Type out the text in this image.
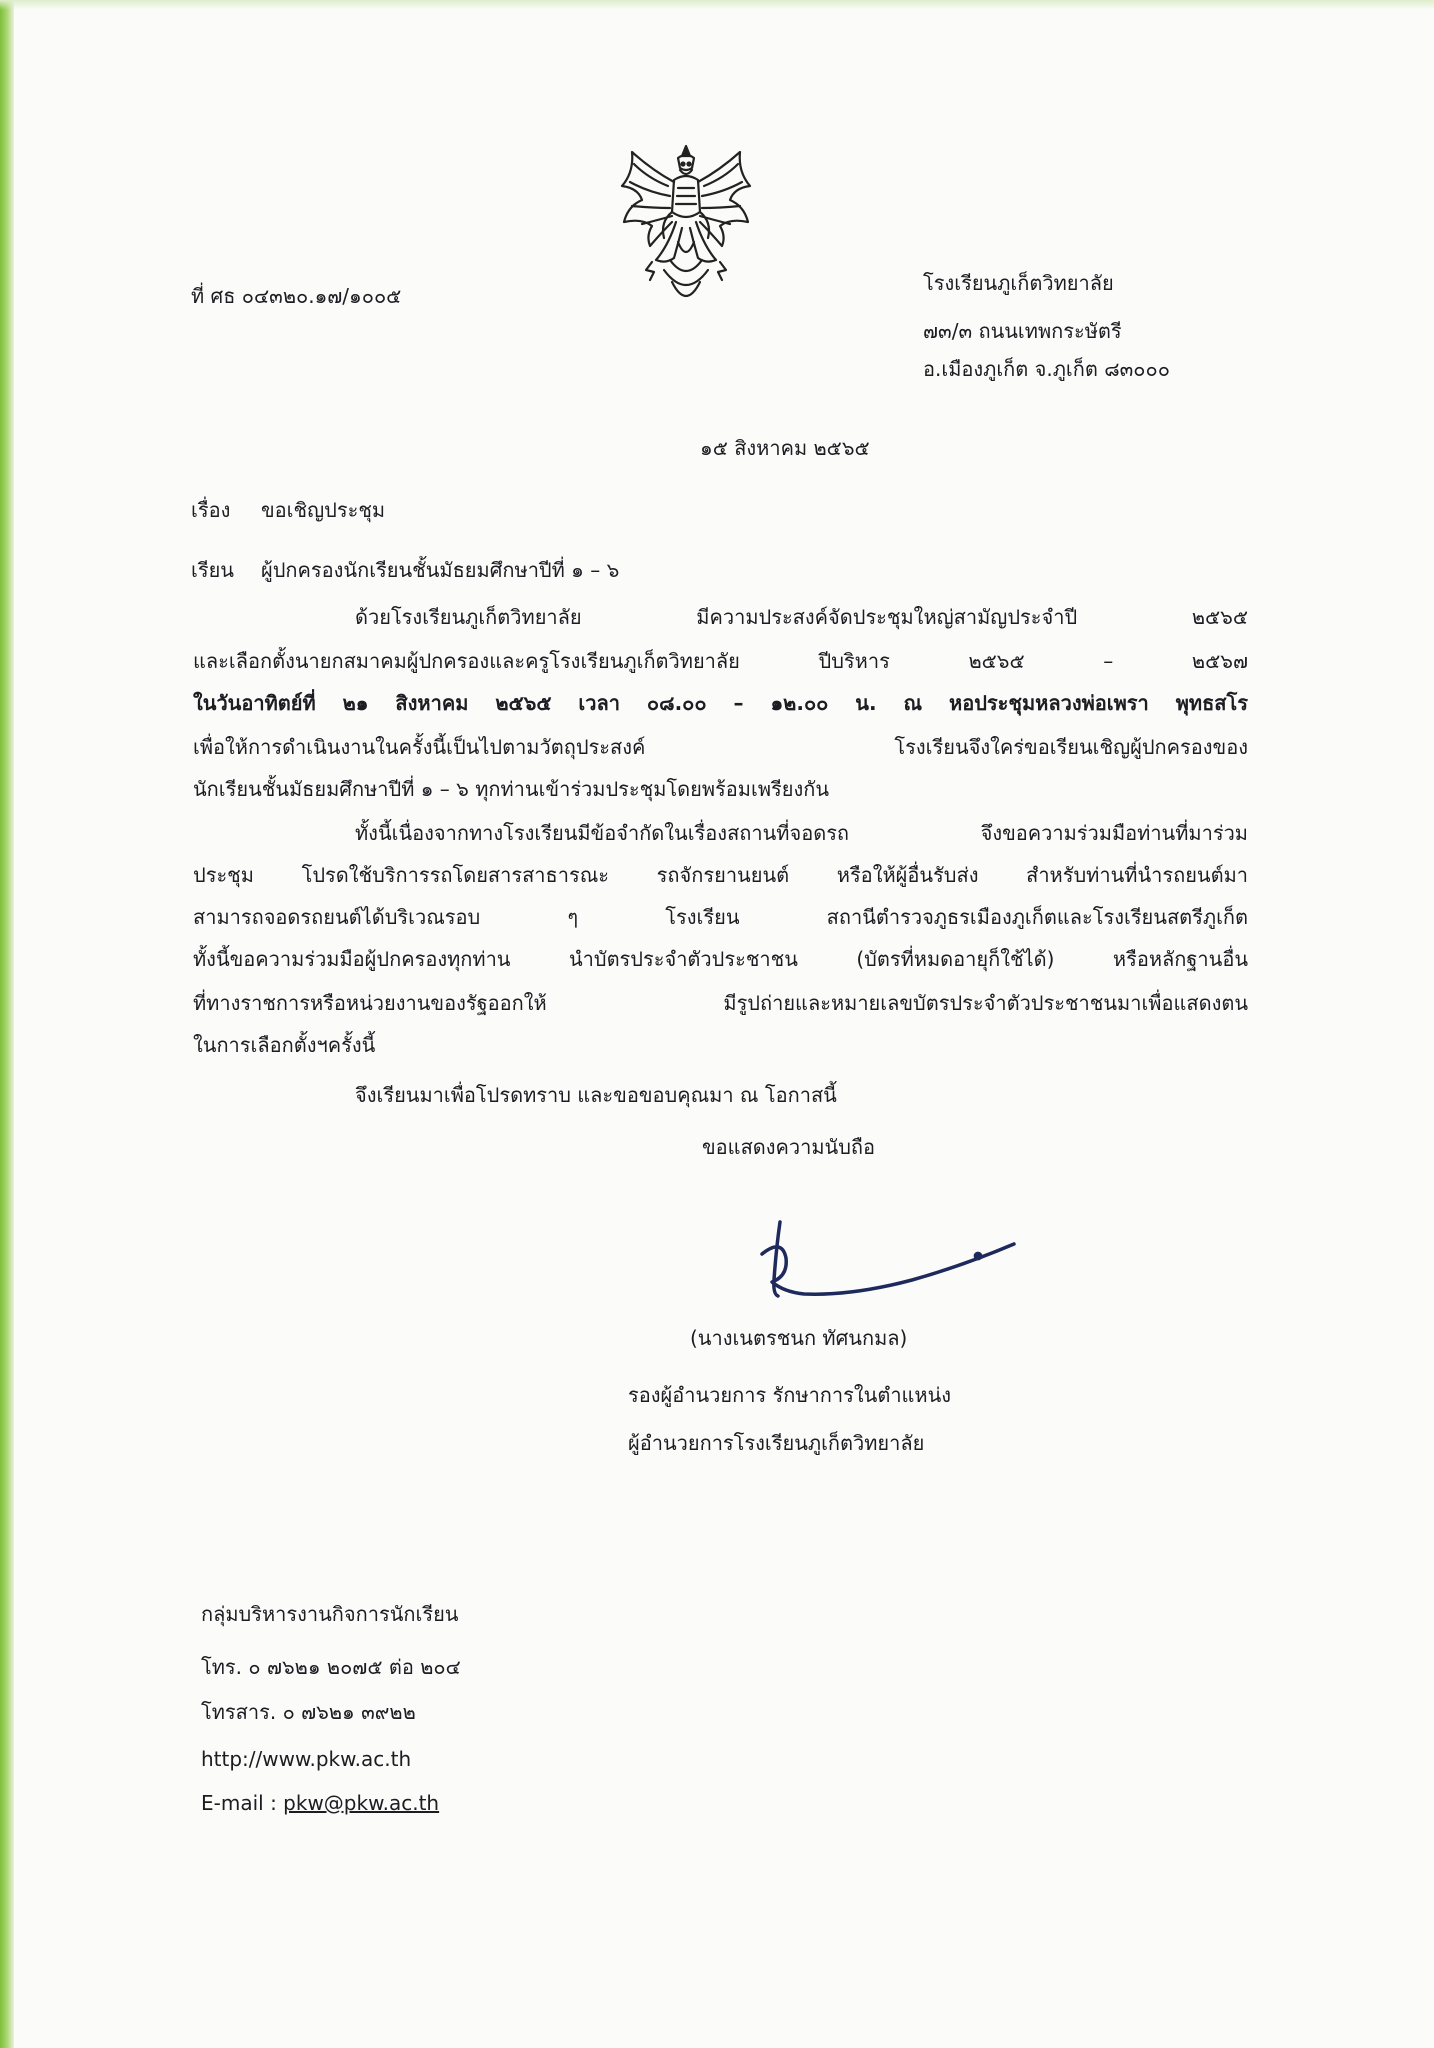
ที่ ศธ ๐๔๓๒๐.๑๗/๑๐๐๕
โรงเรียนภูเก็ตวิทยาลัย
๗๓/๓ ถนนเทพกระษัตรี
อ.เมืองภูเก็ต จ.ภูเก็ต ๘๓๐๐๐
๑๕ สิงหาคม ๒๕๖๕
เรื่อง ขอเชิญประชุม
เรียน ผู้ปกครองนักเรียนชั้นมัธยมศึกษาปีที่ ๑ – ๖
ด้วยโรงเรียนภูเก็ตวิทยาลัย มีความประสงค์จัดประชุมใหญ่สามัญประจำปี ๒๕๖๕
และเลือกตั้งนายกสมาคมผู้ปกครองและครูโรงเรียนภูเก็ตวิทยาลัย ปีบริหาร ๒๕๖๕ – ๒๕๖๗
ในวันอาทิตย์ที่ ๒๑ สิงหาคม ๒๕๖๕ เวลา ๐๘.๐๐ – ๑๒.๐๐ น. ณ หอประชุมหลวงพ่อเพรา พุทธสโร
เพื่อให้การดำเนินงานในครั้งนี้เป็นไปตามวัตถุประสงค์ โรงเรียนจึงใคร่ขอเรียนเชิญผู้ปกครองของ
นักเรียนชั้นมัธยมศึกษาปีที่ ๑ – ๖ ทุกท่านเข้าร่วมประชุมโดยพร้อมเพรียงกัน
ทั้งนี้เนื่องจากทางโรงเรียนมีข้อจำกัดในเรื่องสถานที่จอดรถ จึงขอความร่วมมือท่านที่มาร่วม
ประชุม โปรดใช้บริการรถโดยสารสาธารณะ รถจักรยานยนต์ หรือให้ผู้อื่นรับส่ง สำหรับท่านที่นำรถยนต์มา
สามารถจอดรถยนต์ได้บริเวณรอบ ๆ โรงเรียน สถานีตำรวจภูธรเมืองภูเก็ตและโรงเรียนสตรีภูเก็ต
ทั้งนี้ขอความร่วมมือผู้ปกครองทุกท่าน นำบัตรประจำตัวประชาชน (บัตรที่หมดอายุก็ใช้ได้) หรือหลักฐานอื่น
ที่ทางราชการหรือหน่วยงานของรัฐออกให้ มีรูปถ่ายและหมายเลขบัตรประจำตัวประชาชนมาเพื่อแสดงตน
ในการเลือกตั้งฯครั้งนี้
จึงเรียนมาเพื่อโปรดทราบ และขอขอบคุณมา ณ โอกาสนี้
ขอแสดงความนับถือ
(นางเนตรชนก ทัศนกมล)
รองผู้อำนวยการ รักษาการในตำแหน่ง
ผู้อำนวยการโรงเรียนภูเก็ตวิทยาลัย
กลุ่มบริหารงานกิจการนักเรียน
โทร. ๐ ๗๖๒๑ ๒๐๗๕ ต่อ ๒๐๔
โทรสาร. ๐ ๗๖๒๑ ๓๙๒๒
http://www.pkw.ac.th
E-mail : pkw@pkw.ac.th
